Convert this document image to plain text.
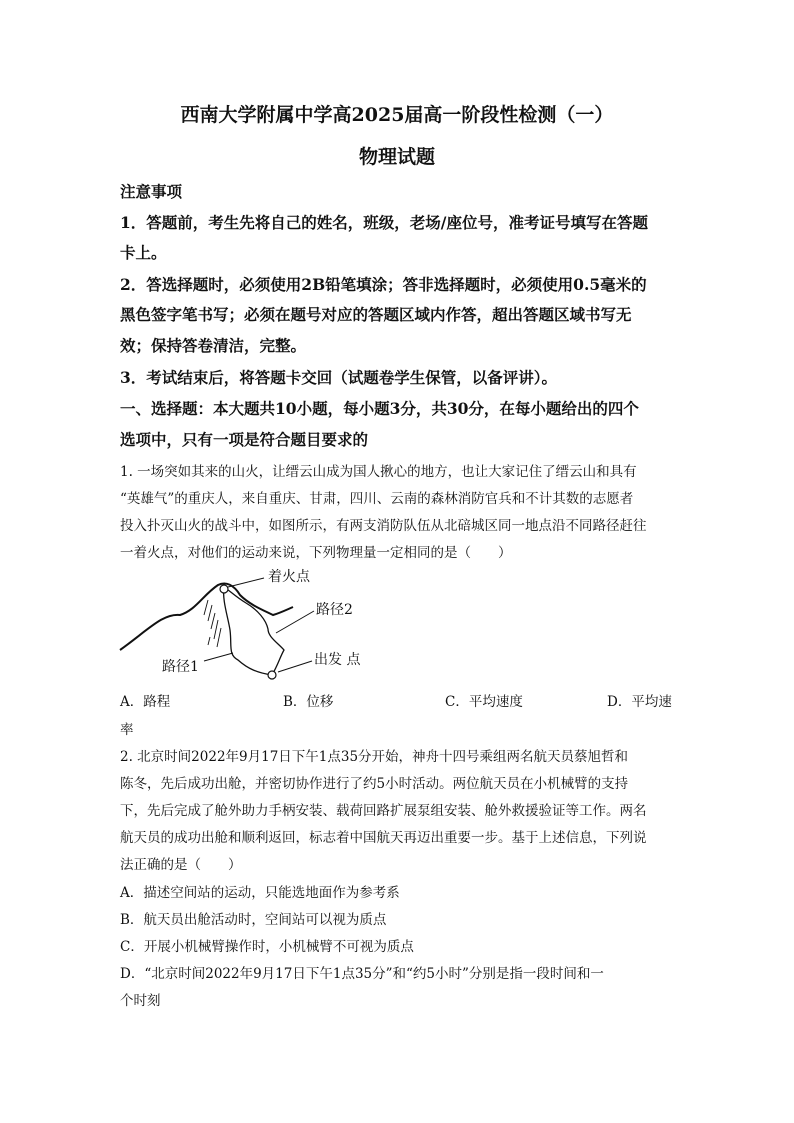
西南大学附属中学高2025届高一阶段性检测（一）
物理试题
注意事项
1．答题前，考生先将自己的姓名，班级，老场/座位号，准考证号填写在答题
卡上。
2．答选择题时，必须使用2B铅笔填涂；答非选择题时，必须使用0.5毫米的
黑色签字笔书写；必须在题号对应的答题区域内作答，超出答题区域书写无
效；保持答卷清洁，完整。
3．考试结束后，将答题卡交回（试题卷学生保管，以备评讲）。
一、选择题：本大题共10小题，每小题3分，共30分，在每小题给出的四个
选项中，只有一项是符合题目要求的
1. 一场突如其来的山火，让缙云山成为国人揪心的地方，也让大家记住了缙云山和具有
“英雄气”的重庆人，来自重庆、甘肃，四川、云南的森林消防官兵和不计其数的志愿者
投入扑灭山火的战斗中，如图所示，有两支消防队伍从北碚城区同一地点沿不同路径赶往
一着火点，对他们的运动来说，下列物理量一定相同的是（　　）
着火点
路径2
出发 点
路径1
A．路程	B．位移	C．平均速度	D．平均速
率
2. 北京时间2022年9月17日下午1点35分开始，神舟十四号乘组两名航天员蔡旭哲和
陈冬，先后成功出舱，并密切协作进行了约5小时活动。两位航天员在小机械臂的支持
下，先后完成了舱外助力手柄安装、载荷回路扩展泵组安装、舱外救援验证等工作。两名
航天员的成功出舱和顺利返回，标志着中国航天再迈出重要一步。基于上述信息，下列说
法正确的是（　　）
A．描述空间站的运动，只能选地面作为参考系
B．航天员出舱活动时，空间站可以视为质点
C．开展小机械臂操作时，小机械臂不可视为质点
D．“北京时间2022年9月17日下午1点35分”和“约5小时”分别是指一段时间和一
个时刻
